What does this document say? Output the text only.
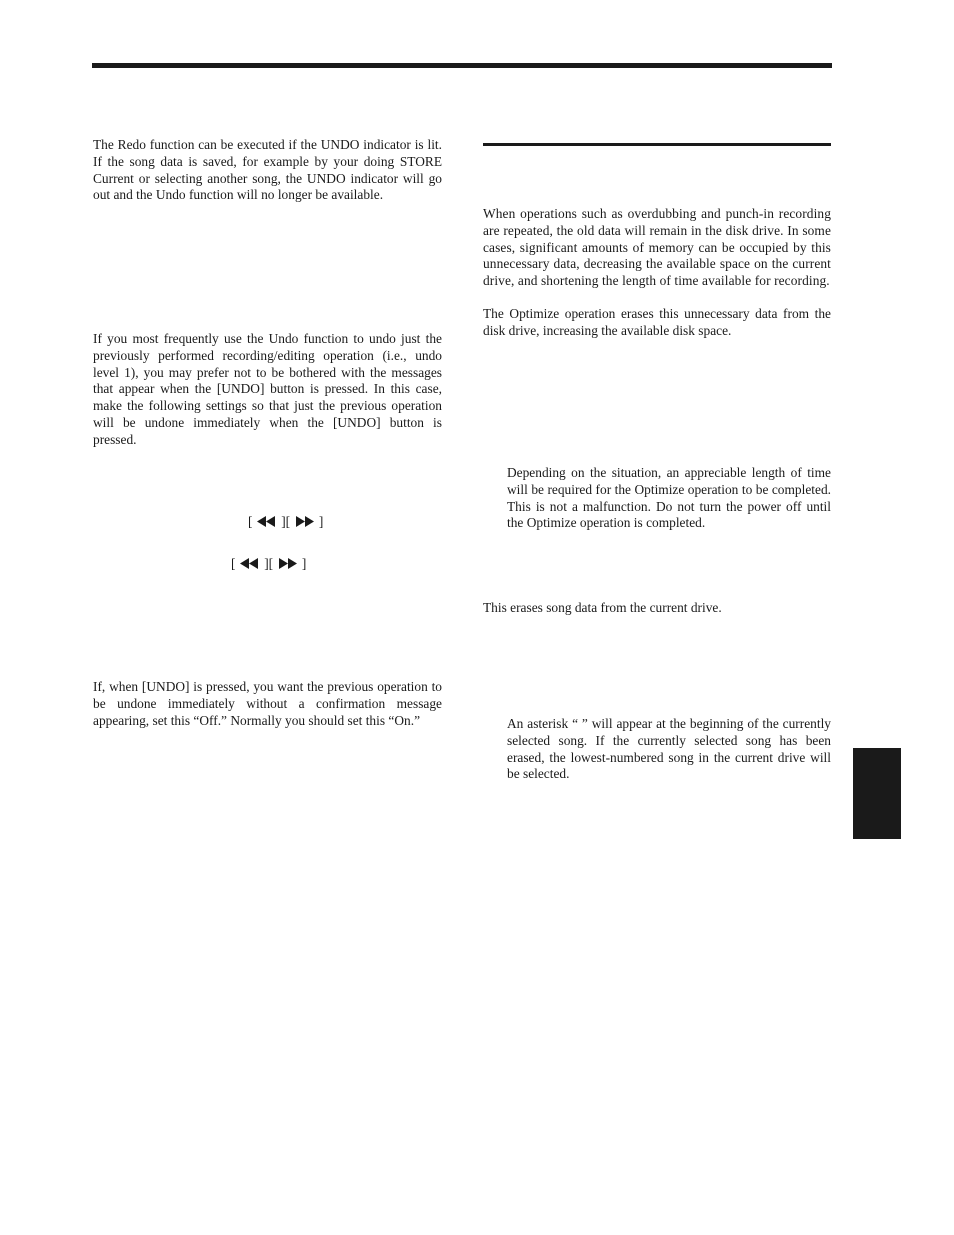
The Redo function can be executed if the UNDO indicator is lit. If the song data is saved, for example by your doing STORE Current or selecting another song, the UNDO indicator will go out and the Undo function will no longer be available.

If you most frequently use the Undo function to undo just the previously performed recording/editing operation (i.e., undo level 1), you may prefer not to be bothered with the messages that appear when the [UNDO] button is pressed. In this case, make the following settings so that just the previous operation will be undone immediately when the [UNDO] button is pressed.

[ ][ ]
[ ][ ]

If, when [UNDO] is pressed, you want the previous operation to be undone immediately without a confirmation message appearing, set this “Off.” Normally you should set this “On.”

When operations such as overdubbing and punch-in recording are repeated, the old data will remain in the disk drive. In some cases, significant amounts of memory can be occupied by this unnecessary data, decreasing the available space on the current drive, and shortening the length of time available for recording.

The Optimize operation erases this unnecessary data from the disk drive, increasing the available disk space.

Depending on the situation, an appreciable length of time will be required for the Optimize operation to be completed. This is not a malfunction. Do not turn the power off until the Optimize operation is completed.

This erases song data from the current drive.

An asterisk “ ” will appear at the beginning of the currently selected song. If the currently selected song has been erased, the lowest-numbered song in the current drive will be selected.
